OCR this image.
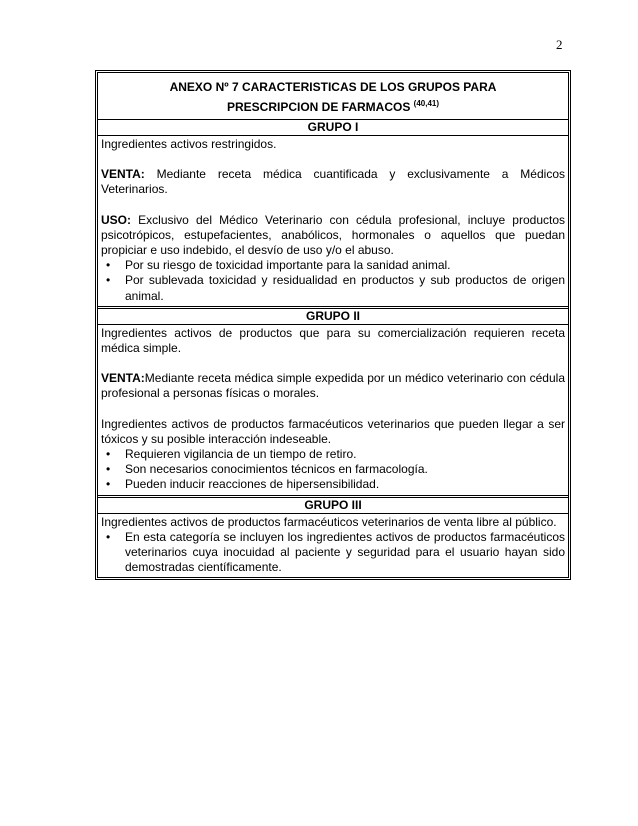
2
ANEXO Nº 7 CARACTERISTICAS DE LOS GRUPOS PARA
PRESCRIPCION DE FARMACOS $^{(40,41)}$
GRUPO I

Ingredientes activos restringidos.

VENTA: Mediante receta médica cuantificada y exclusivamente a Médicos Veterinarios.

USO: Exclusivo del Médico Veterinario con cédula profesional, incluye productos psicotrópicos, estupefacientes, anabólicos, hormonales o aquellos que puedan propiciar e uso indebido, el desvío de uso y/o el abuso.

• Por su riesgo de toxicidad importante para la sanidad animal.
• Por sublevada toxicidad y residualidad en productos y sub productos de origen animal.
GRUPO II

Ingredientes activos de productos que para su comercialización requieren receta médica simple.

VENTA:Mediante receta médica simple expedida por un médico veterinario con cédula profesional a personas físicas o morales.

Ingredientes activos de productos farmacéuticos veterinarios que pueden llegar a ser tóxicos y su posible interacción indeseable.

• Requieren vigilancia de un tiempo de retiro.
• Son necesarios conocimientos técnicos en farmacología.
• Pueden inducir reacciones de hipersensibilidad.
GRUPO III

Ingredientes activos de productos farmacéuticos veterinarios de venta libre al público.

• En esta categoría se incluyen los ingredientes activos de productos farmacéuticos veterinarios cuya inocuidad al paciente y seguridad para el usuario hayan sido demostradas científicamente.
